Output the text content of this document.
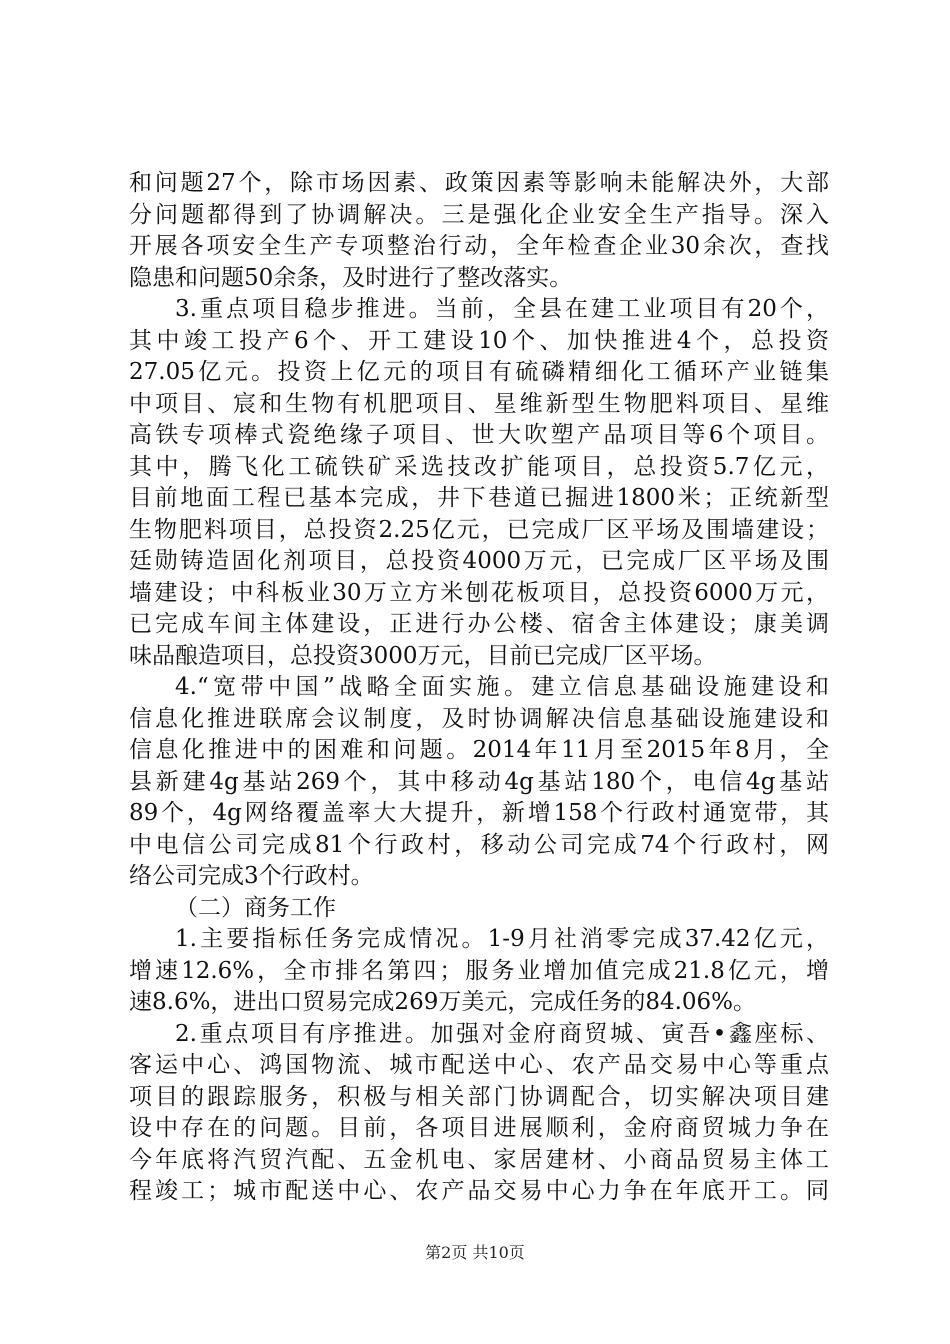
和问题27个，除市场因素、政策因素等影响未能解决外，大部
分问题都得到了协调解决。三是强化企业安全生产指导。深入
开展各项安全生产专项整治行动，全年检查企业30余次，查找
隐患和问题50余条，及时进行了整改落实。
3.重点项目稳步推进。当前，全县在建工业项目有20个，
其中竣工投产6个、开工建设10个、加快推进4个，总投资
27.05亿元。投资上亿元的项目有硫磷精细化工循环产业链集
中项目、宸和生物有机肥项目、星维新型生物肥料项目、星维
高铁专项棒式瓷绝缘子项目、世大吹塑产品项目等6个项目。
其中，腾飞化工硫铁矿采选技改扩能项目，总投资5.7亿元，
目前地面工程已基本完成，井下巷道已掘进1800米；正统新型
生物肥料项目，总投资2.25亿元，已完成厂区平场及围墙建设；
廷勋铸造固化剂项目，总投资4000万元，已完成厂区平场及围
墙建设；中科板业30万立方米刨花板项目，总投资6000万元，
已完成车间主体建设，正进行办公楼、宿舍主体建设；康美调
味品酿造项目，总投资3000万元，目前已完成厂区平场。
4.“宽带中国”战略全面实施。建立信息基础设施建设和
信息化推进联席会议制度，及时协调解决信息基础设施建设和
信息化推进中的困难和问题。2014年11月至2015年8月，全
县新建4g基站269个，其中移动4g基站180个，电信4g基站
89个，4g网络覆盖率大大提升，新增158个行政村通宽带，其
中电信公司完成81个行政村，移动公司完成74个行政村，网
络公司完成3个行政村。
（二）商务工作
1.主要指标任务完成情况。1-9月社消零完成37.42亿元，
增速12.6%，全市排名第四；服务业增加值完成21.8亿元，增
速8.6%，进出口贸易完成269万美元，完成任务的84.06%。
2.重点项目有序推进。加强对金府商贸城、寅吾•鑫座标、
客运中心、鸿国物流、城市配送中心、农产品交易中心等重点
项目的跟踪服务，积极与相关部门协调配合，切实解决项目建
设中存在的问题。目前，各项目进展顺利，金府商贸城力争在
今年底将汽贸汽配、五金机电、家居建材、小商品贸易主体工
程竣工；城市配送中心、农产品交易中心力争在年底开工。同
第2页 共10页
